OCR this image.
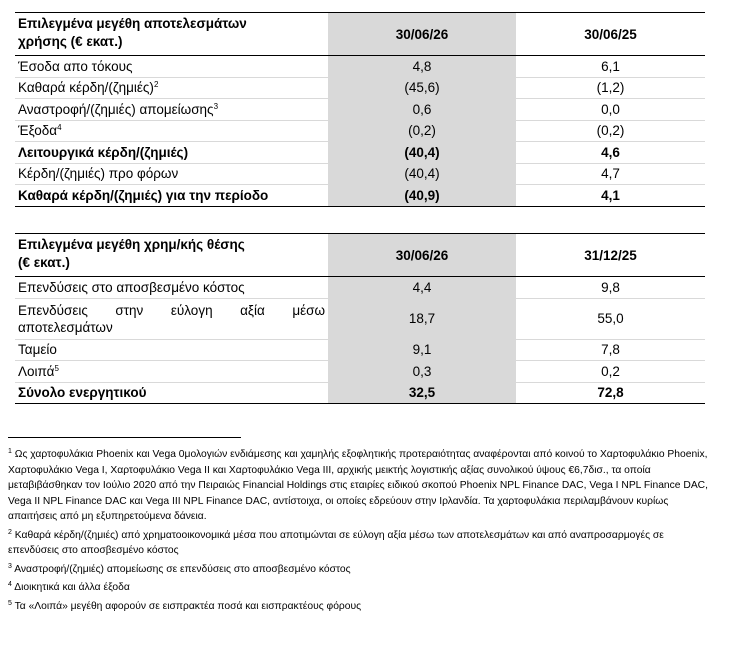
Επιλεγμένα μεγέθη αποτελεσμάτων
χρήσης (€ εκατ.)	30/06/26	30/06/25
Έσοδα απο τόκους	4,8	6,1
Καθαρά κέρδη/$(\zeta\eta\mu\iota έ\varsigma)^2$	(45,6)	(1,2)
Αναστροφή/(ζημιές) απομείωσης$^3$	0,6	0,0
Έξοδα$^4$	(0,2)	(0,2)
Λειτουργικά κέρδη/(ζημιές)	(40,4)	4,6
Κέρδη/(ζημιές) προ φόρων	(40,4)	4,7
Καθαρά κέρδη/(ζημιές) για την περίοδο	(40,9)	4,1
Επιλεγμένα μεγέθη χρημ/κής θέσης
(€ εκατ.)	30/06/26	31/12/25
Επενδύσεις στο αποσβεσμένο κόστος	4,4	9,8

Επενδύσεις στην εύλογη αξία μέσω
αποτελεσμάτων	18,7	55,0
Ταμείο	9,1	7,8
Λοιπά$^5$	0,3	0,2
Σύνολο ενεργητικού	32,5	72,8

$^1$ Ως χαρτοφυλάκια Phoenix και Vega 0μολογιών ενδιάμεσης και χαμηλής εξοφλητικής προτεραιότητας αναφέρονται από κοινού το Χαρτοφυλάκιο Phoenix, Χαρτοφυλάκιο Vega I, Χαρτοφυλάκιο Vega II και Χαρτοφυλάκιο Vega III, αρχικής μεικτής λογιστικής αξίας συνολικού ύψους €6,7δισ., τα οποία μεταβιβάσθηκαν τον Ιούλιο 2020 από την Πειραιώς Financial Holdings στις εταιρίες ειδικού σκοπού Phoenix NPL Finance DAC, Vega I NPL Finance DAC, Vega II NPL Finance DAC και Vega III NPL Finance DAC, αντίστοιχα, οι οποίες εδρεύουν στην Ιρλανδία. Τα χαρτοφυλάκια περιλαμβάνουν κυρίως απαιτήσεις από μη εξυπηρετούμενα δάνεια.

$^2$ Καθαρά κέρδη/(ζημιές) από χρηματοοικονομικά μέσα που αποτιμώνται σε εύλογη αξία μέσω των αποτελεσμάτων και από αναπροσαρμογές σε επενδύσεις στο αποσβεσμένο κόστος

$^3$ Αναστροφή/(ζημιές) απομείωσης σε επενδύσεις στο αποσβεσμένο κόστος

$^4$ Διοικητικά και άλλα έξοδα

$^5$ Τα «Λοιπά» μεγέθη αφορούν σε εισπρακτέα ποσά και εισπρακτέους φόρους
